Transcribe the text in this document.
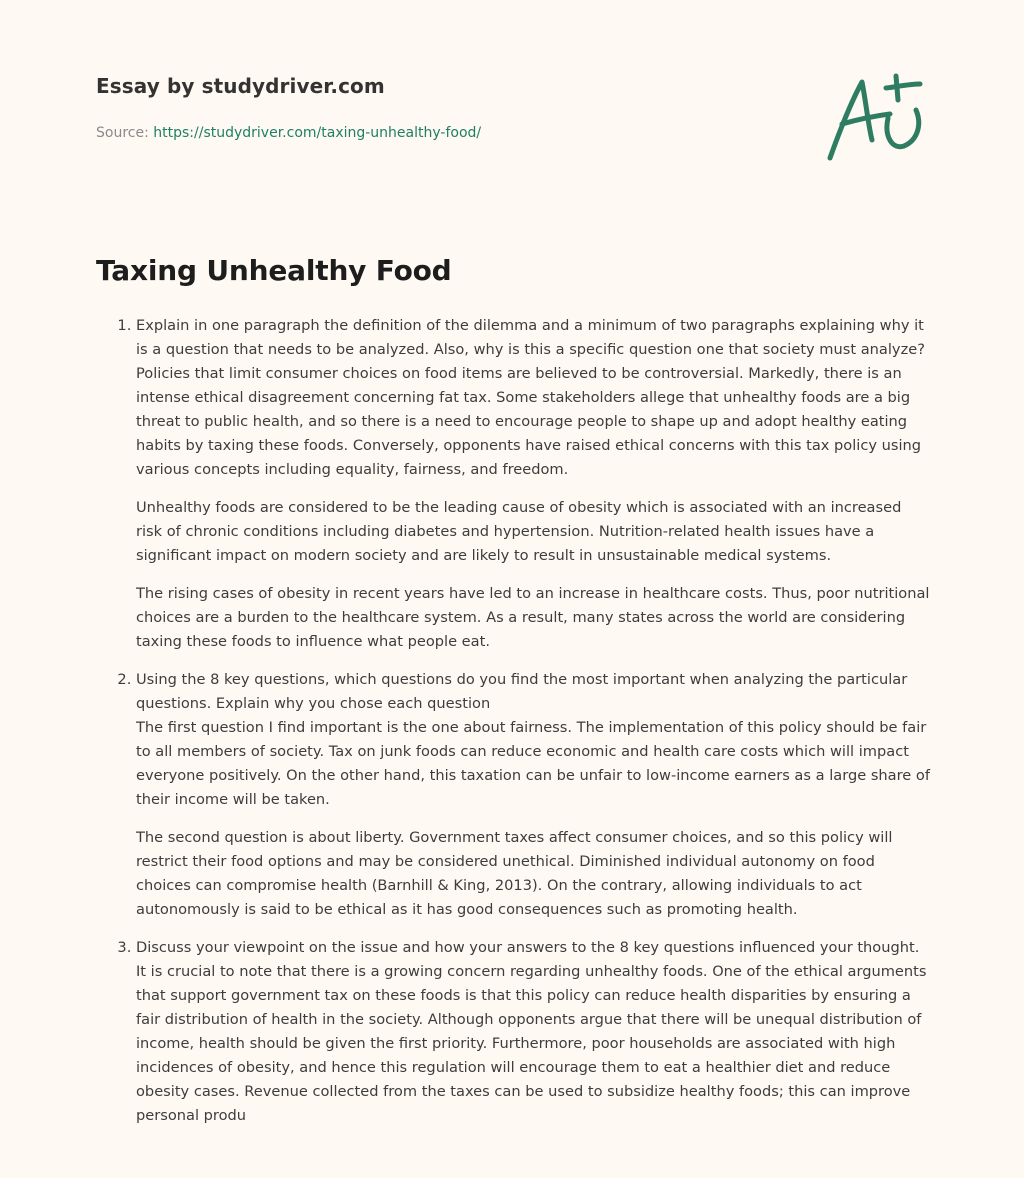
Essay by studydriver.com
Source: https://studydriver.com/taxing-unhealthy-food/
Taxing Unhealthy Food

1. Explain in one paragraph the definition of the dilemma and a minimum of two paragraphs explaining why it is a question that needs to be analyzed. Also, why is this a specific question one that society must analyze?
Policies that limit consumer choices on food items are believed to be controversial. Markedly, there is an intense ethical disagreement concerning fat tax. Some stakeholders allege that unhealthy foods are a big threat to public health, and so there is a need to encourage people to shape up and adopt healthy eating habits by taxing these foods. Conversely, opponents have raised ethical concerns with this tax policy using various concepts including equality, fairness, and freedom.

Unhealthy foods are considered to be the leading cause of obesity which is associated with an increased risk of chronic conditions including diabetes and hypertension. Nutrition-related health issues have a significant impact on modern society and are likely to result in unsustainable medical systems.

The rising cases of obesity in recent years have led to an increase in healthcare costs. Thus, poor nutritional choices are a burden to the healthcare system. As a result, many states across the world are considering taxing these foods to influence what people eat.

2. Using the 8 key questions, which questions do you find the most important when analyzing the particular questions. Explain why you chose each question
The first question I find important is the one about fairness. The implementation of this policy should be fair to all members of society. Tax on junk foods can reduce economic and health care costs which will impact everyone positively. On the other hand, this taxation can be unfair to low-income earners as a large share of their income will be taken.

The second question is about liberty. Government taxes affect consumer choices, and so this policy will restrict their food options and may be considered unethical. Diminished individual autonomy on food choices can compromise health (Barnhill & King, 2013). On the contrary, allowing individuals to act autonomously is said to be ethical as it has good consequences such as promoting health.

3. Discuss your viewpoint on the issue and how your answers to the 8 key questions influenced your thought.
It is crucial to note that there is a growing concern regarding unhealthy foods. One of the ethical arguments that support government tax on these foods is that this policy can reduce health disparities by ensuring a fair distribution of health in the society. Although opponents argue that there will be unequal distribution of income, health should be given the first priority. Furthermore, poor households are associated with high incidences of obesity, and hence this regulation will encourage them to eat a healthier diet and reduce obesity cases. Revenue collected from the taxes can be used to subsidize healthy foods; this can improve personal produ
